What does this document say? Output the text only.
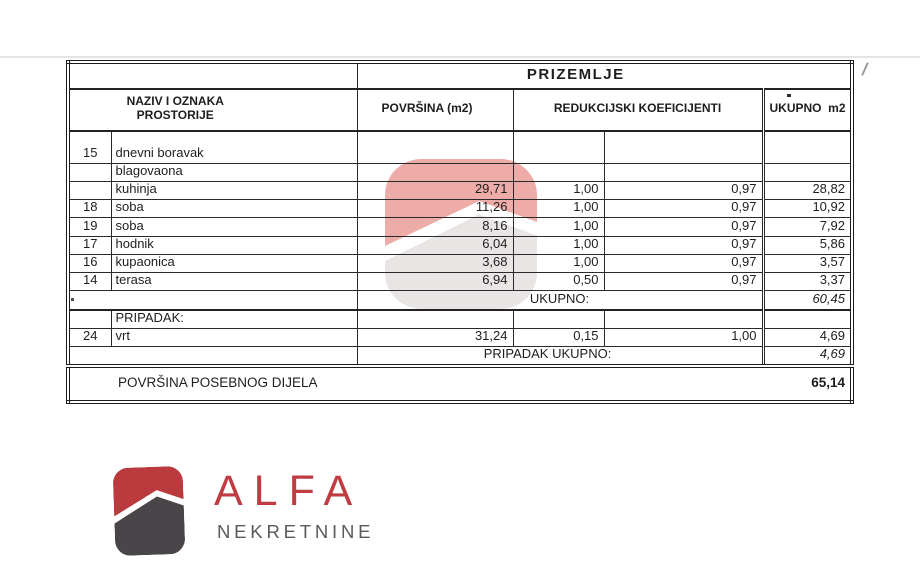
		PRIZEMLJE			

NAZIV I OZNAKA
PROSTORIJE		POVRŠINA (m2)	REDUKCIJSKI KOEFICIJENTI		UKUPNO  m2
15	dnevni boravak				
	blagovaona				
	kuhinja	29,71	1,00	0,97	28,82
18	soba	11,26	1,00	0,97	10,92
19	soba	8,16	1,00	0,97	7,92
17	hodnik	6,04	1,00	0,97	5,86
16	kupaonica	3,68	1,00	0,97	3,57
14	terasa	6,94	0,50	0,97	3,37
		UKUPNO:			60,45
	PRIPADAK:				
24	vrt	31,24	0,15	1,00	4,69
		PRIPADAK UKUPNO:			4,69

POVRŠINA POSEBNOG DIJELA 65,14					
ALFA
NEKRETNINE
